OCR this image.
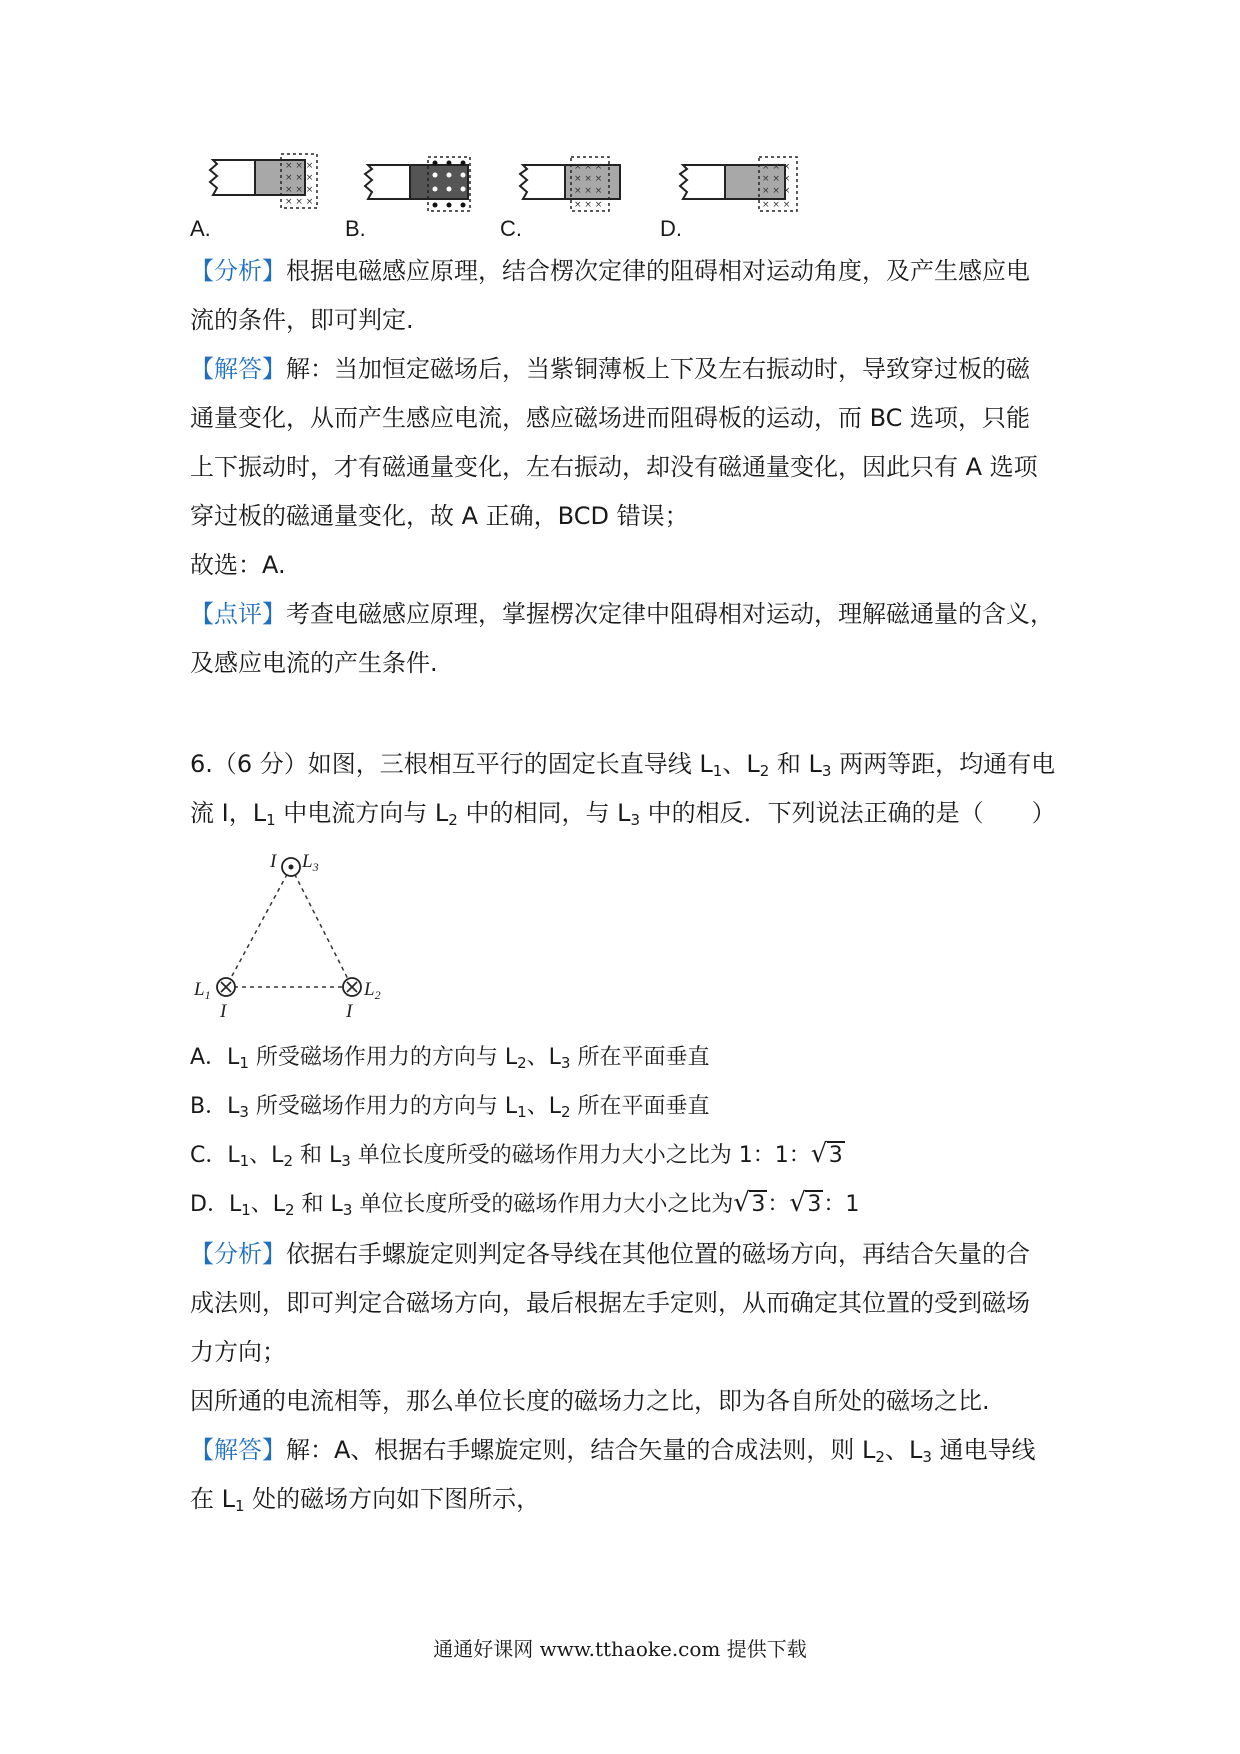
× × ×
× × ×
× × ×
× × ×
A.	B.
× × ×
× × ×
× × ×
× × ×
C.
× × ×
× × ×
× × ×
× × ×
D.
【分析】根据电磁感应原理，结合楞次定律的阻碍相对运动角度，及产生感应电
流的条件，即可判定.
【解答】解：当加恒定磁场后，当紫铜薄板上下及左右振动时，导致穿过板的磁
通量变化，从而产生感应电流，感应磁场进而阻碍板的运动，而 BC 选项，只能
上下振动时，才有磁通量变化，左右振动，却没有磁通量变化，因此只有 A 选项
穿过板的磁通量变化，故 A 正确，BCD 错误；
故选：A.
【点评】考查电磁感应原理，掌握楞次定律中阻碍相对运动，理解磁通量的含义，
及感应电流的产生条件.
6.（6 分）如图，三根相互平行的固定长直导线 $L_1$、$L_2$ 和 $L_3$ 两两等距，均通有电
流 I，$L_1$ 中电流方向与 $L_2$ 中的相同，与 $L_3$ 中的相反．下列说法正确的是（　　）
I $L_3$
$L_1$
I
$L_2$
I
A．$L_1$ 所受磁场作用力的方向与 $L_2$、$L_3$ 所在平面垂直
B．$L_3$ 所受磁场作用力的方向与 $L_1$、$L_2$ 所在平面垂直
C．$L_1$、$L_2$ 和 $L_3$ 单位长度所受的磁场作用力大小之比为 1：1： √ 3
D．$L_1$、$L_2$ 和 $L_3$ 单位长度所受的磁场作用力大小之比为 √ 3： √ 3：1
【分析】依据右手螺旋定则判定各导线在其他位置的磁场方向，再结合矢量的合
成法则，即可判定合磁场方向，最后根据左手定则，从而确定其位置的受到磁场
力方向；
因所通的电流相等，那么单位长度的磁场力之比，即为各自所处的磁场之比.
【解答】解：A、根据右手螺旋定则，结合矢量的合成法则，则 $L_2$、$L_3$ 通电导线
在 $L_1$ 处的磁场方向如下图所示，
通通好课网 www.tthaoke.com 提供下载
